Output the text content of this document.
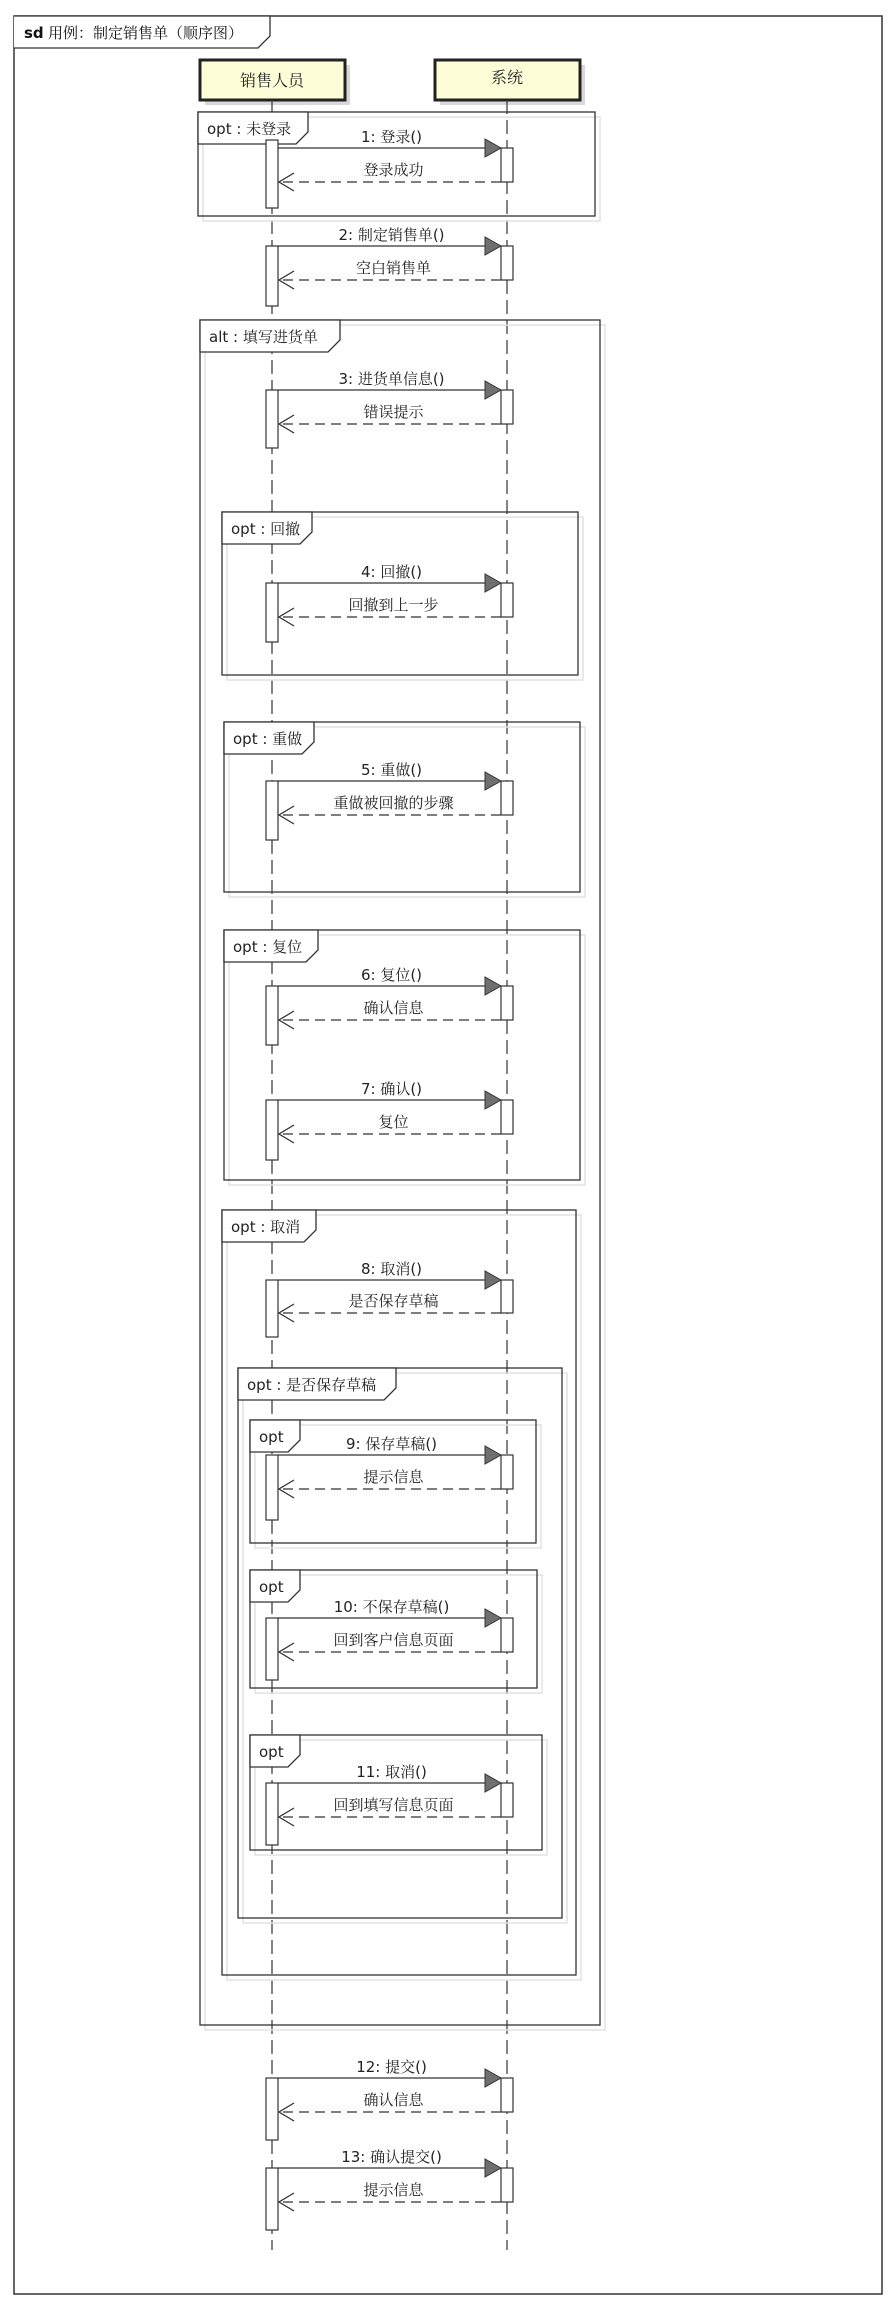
sd 用例：制定销售单（顺序图）
销售人员	系统
opt : 未登录
alt : 填写进货单
opt : 回撤
opt : 重做
opt : 复位
opt : 取消
opt : 是否保存草稿
opt
opt
opt
1: 登录()
登录成功
2: 制定销售单()
空白销售单
3: 进货单信息()
错误提示
4: 回撤()
回撤到上一步
5: 重做()
重做被回撤的步骤
6: 复位()
确认信息
7: 确认()
复位
8: 取消()
是否保存草稿
9: 保存草稿()
提示信息
10: 不保存草稿()
回到客户信息页面
11: 取消()
回到填写信息页面
12: 提交()
确认信息
13: 确认提交()
提示信息
